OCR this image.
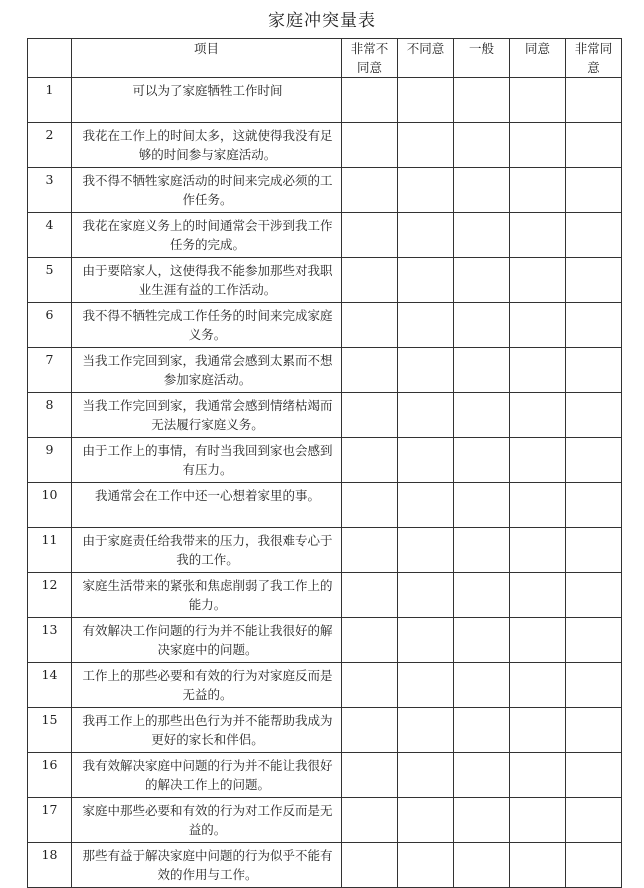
家庭冲突量表
	项目	非常不同意	不同意	一般	同意	非常同意
1	可以为了家庭牺牲工作时间					
2	我花在工作上的时间太多，这就使得我没有足够的时间参与家庭活动。					
3	我不得不牺牲家庭活动的时间来完成必须的工作任务。					
4	我花在家庭义务上的时间通常会干涉到我工作任务的完成。					
5	由于要陪家人，这使得我不能参加那些对我职业生涯有益的工作活动。					
6	我不得不牺牲完成工作任务的时间来完成家庭义务。					
7	当我工作完回到家，我通常会感到太累而不想参加家庭活动。					
8	当我工作完回到家，我通常会感到情绪枯竭而无法履行家庭义务。					
9	由于工作上的事情，有时当我回到家也会感到有压力。					
10	我通常会在工作中还一心想着家里的事。					
11	由于家庭责任给我带来的压力，我很难专心于我的工作。					
12	家庭生活带来的紧张和焦虑削弱了我工作上的能力。					
13	有效解决工作问题的行为并不能让我很好的解决家庭中的问题。					
14	工作上的那些必要和有效的行为对家庭反而是无益的。					
15	我再工作上的那些出色行为并不能帮助我成为更好的家长和伴侣。					
16	我有效解决家庭中问题的行为并不能让我很好的解决工作上的问题。					
17	家庭中那些必要和有效的行为对工作反而是无益的。					
18	那些有益于解决家庭中问题的行为似乎不能有效的作用与工作。					
